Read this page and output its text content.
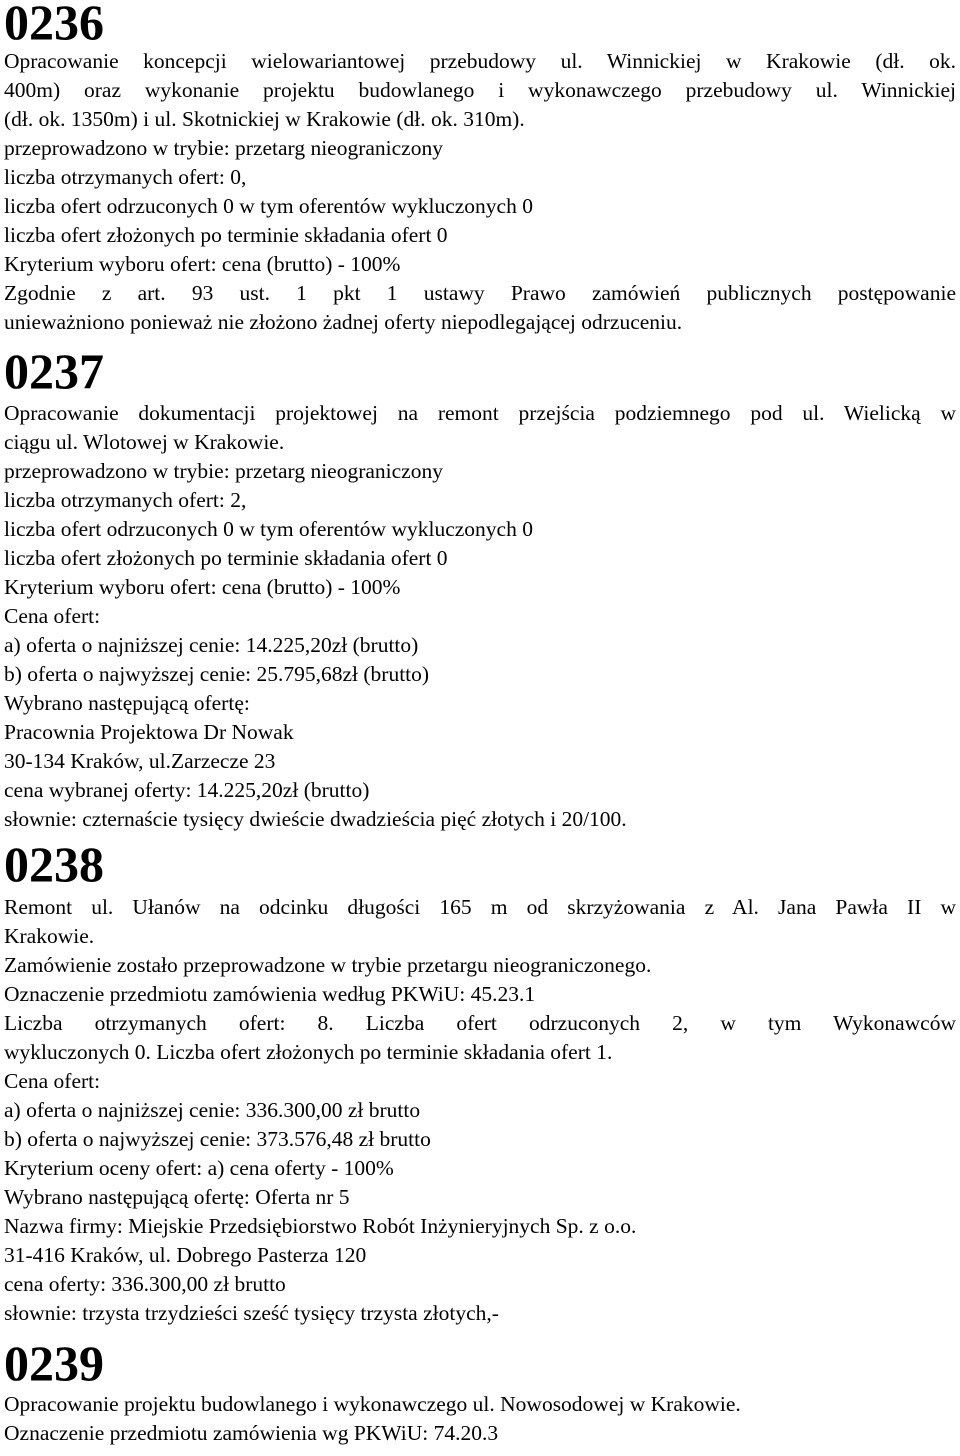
0236
Opracowanie koncepcji wielowariantowej przebudowy ul. Winnickiej w Krakowie (dł. ok.
400m) oraz wykonanie projektu budowlanego i wykonawczego przebudowy ul. Winnickiej
(dł. ok. 1350m) i ul. Skotnickiej w Krakowie (dł. ok. 310m).
przeprowadzono w trybie: przetarg nieograniczony
liczba otrzymanych ofert: 0,
liczba ofert odrzuconych 0 w tym oferentów wykluczonych 0
liczba ofert złożonych po terminie składania ofert 0
Kryterium wyboru ofert: cena (brutto) - 100%
Zgodnie z art. 93 ust. 1 pkt 1 ustawy Prawo zamówień publicznych postępowanie
unieważniono ponieważ nie złożono żadnej oferty niepodlegającej odrzuceniu.
0237
Opracowanie dokumentacji projektowej na remont przejścia podziemnego pod ul. Wielicką w
ciągu ul. Wlotowej w Krakowie.
przeprowadzono w trybie: przetarg nieograniczony
liczba otrzymanych ofert: 2,
liczba ofert odrzuconych 0 w tym oferentów wykluczonych 0
liczba ofert złożonych po terminie składania ofert 0
Kryterium wyboru ofert: cena (brutto) - 100%
Cena ofert:
a) oferta o najniższej cenie: 14.225,20zł (brutto)
b) oferta o najwyższej cenie: 25.795,68zł (brutto)
Wybrano następującą ofertę:
Pracownia Projektowa Dr Nowak
30-134 Kraków, ul.Zarzecze 23
cena wybranej oferty: 14.225,20zł (brutto)
słownie: czternaście tysięcy dwieście dwadzieścia pięć złotych i 20/100.
0238
Remont ul. Ułanów na odcinku długości 165 m od skrzyżowania z Al. Jana Pawła II w
Krakowie.
Zamówienie zostało przeprowadzone w trybie przetargu nieograniczonego.
Oznaczenie przedmiotu zamówienia według PKWiU: 45.23.1
Liczba otrzymanych ofert: 8. Liczba ofert odrzuconych 2, w tym Wykonawców
wykluczonych 0. Liczba ofert złożonych po terminie składania ofert 1.
Cena ofert:
a) oferta o najniższej cenie: 336.300,00 zł brutto
b) oferta o najwyższej cenie: 373.576,48 zł brutto
Kryterium oceny ofert: a) cena oferty - 100%
Wybrano następującą ofertę: Oferta nr 5
Nazwa firmy: Miejskie Przedsiębiorstwo Robót Inżynieryjnych Sp. z o.o.
31-416 Kraków, ul. Dobrego Pasterza 120
cena oferty: 336.300,00 zł brutto
słownie: trzysta trzydzieści sześć tysięcy trzysta złotych,-
0239
Opracowanie projektu budowlanego i wykonawczego ul. Nowosodowej w Krakowie.
Oznaczenie przedmiotu zamówienia wg PKWiU: 74.20.3
